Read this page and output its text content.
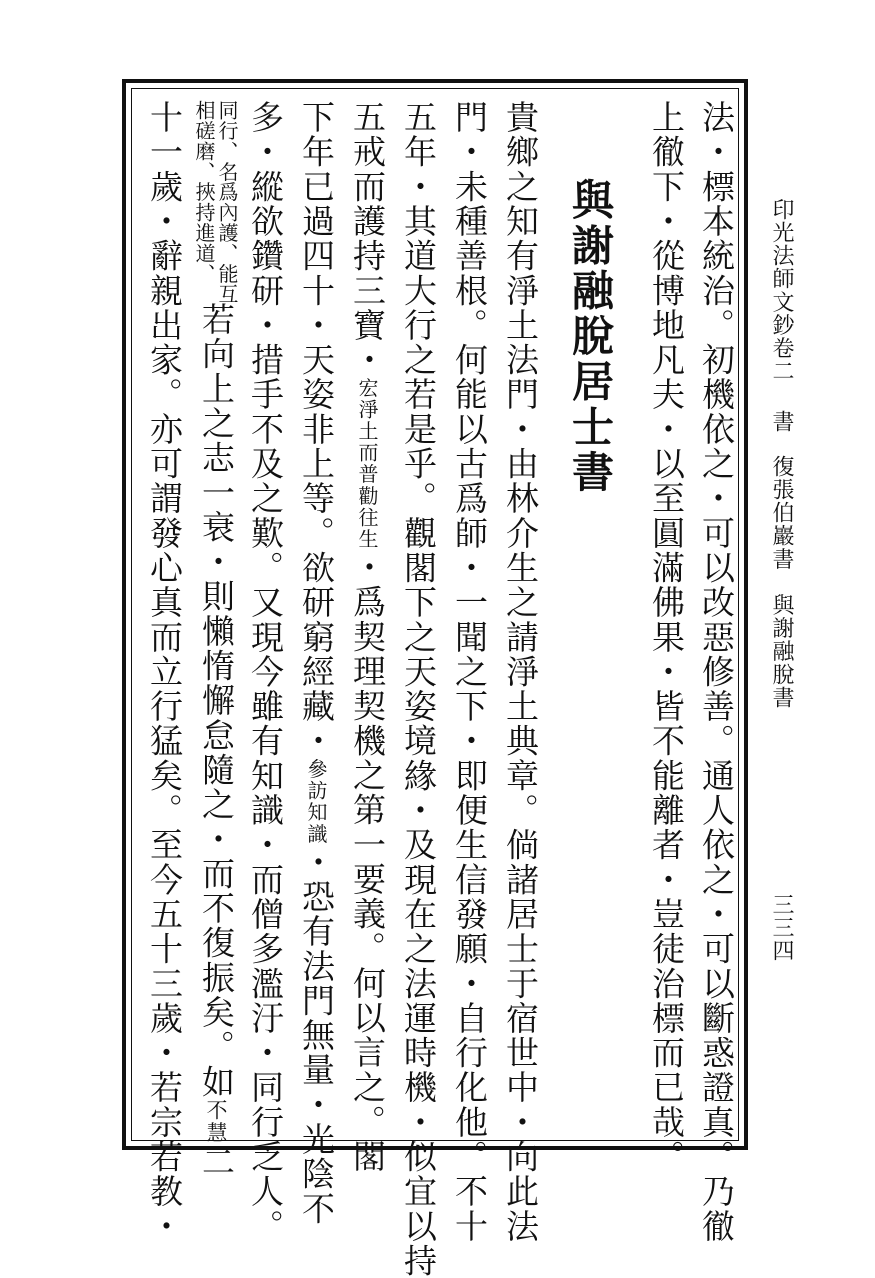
印光法師文鈔卷二
書
復張伯巖書　與謝融脫書
三三四
法・標本統治。初機依之・可以改惡修善。通人依之・可以斷惑證真。乃徹
上徹下・從博地凡夫・以至圓滿佛果・皆不能離者・豈徒治標而已哉。
與謝融脫居士書
貴鄉之知有淨土法門・由林介生之請淨土典章。倘諸居士于宿世中・向此法
門・未種善根。何能以古爲師・一聞之下・即便生信發願・自行化他。不十
五年・其道大行之若是乎。觀閣下之天姿境緣・及現在之法運時機・似宜以持
五戒而護持三寶・宏淨土而普勸往生・爲契理契機之第一要義。何以言之。閣
下年已過四十・天姿非上等。欲研窮經藏・參訪知識・恐有法門無量・光陰不
多・縱欲鑽研・措手不及之歎。又現今雖有知識・而僧多濫汙・同行乏人。
同行、名爲內護、能互
相磋磨、挾持進道、
若向上之志一衰・則懶惰懈怠隨之・而不復振矣。如不慧二
十一歲・辭親出家。亦可謂發心真而立行猛矣。至今五十三歲・若宗若教・
